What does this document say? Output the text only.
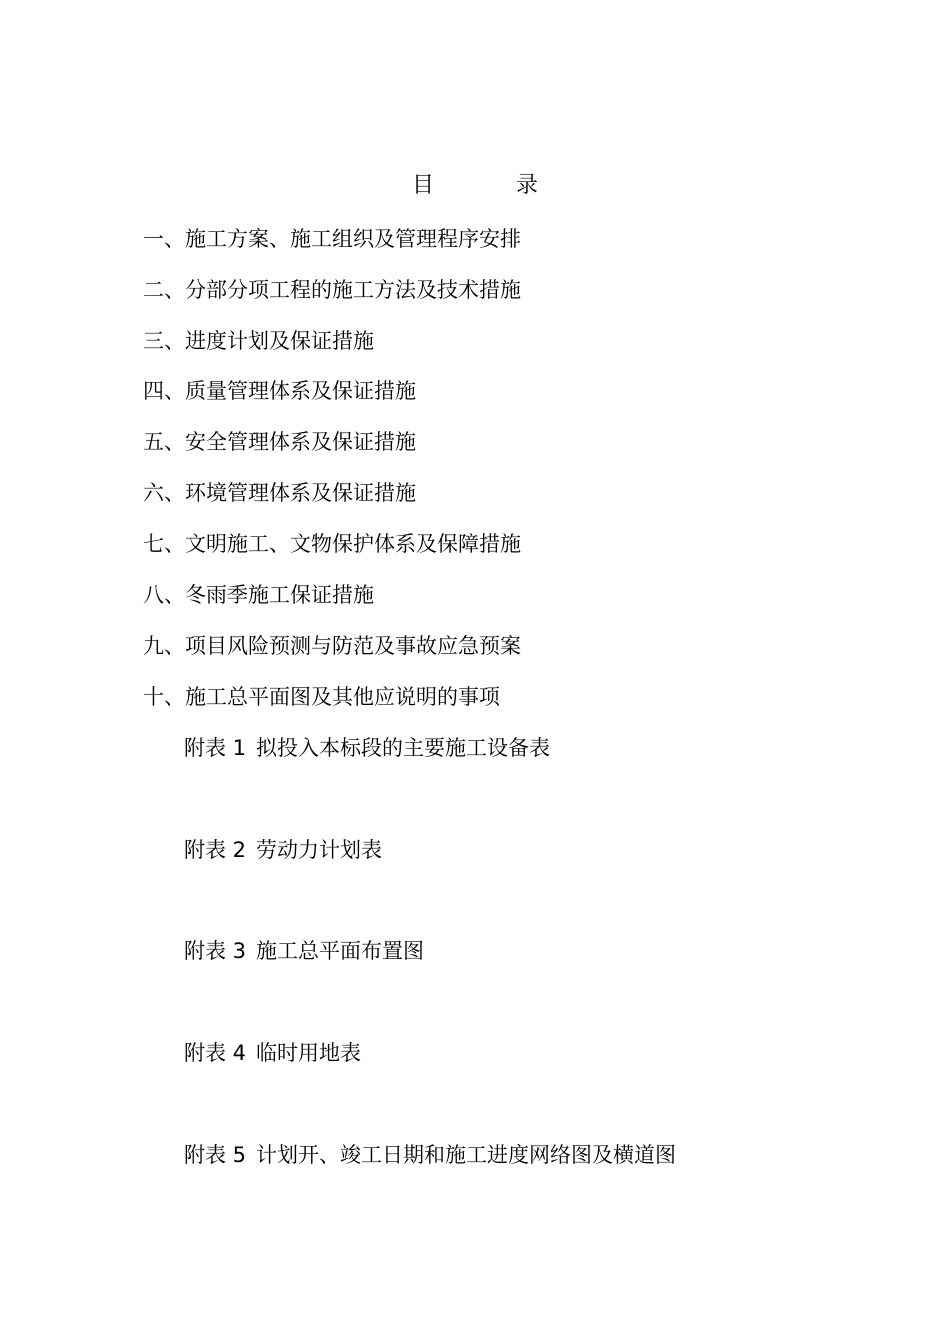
目　录
一、施工方案、施工组织及管理程序安排
二、分部分项工程的施工方法及技术措施
三、进度计划及保证措施
四、质量管理体系及保证措施
五、安全管理体系及保证措施
六、环境管理体系及保证措施
七、文明施工、文物保护体系及保障措施
八、冬雨季施工保证措施
九、项目风险预测与防范及事故应急预案
十、施工总平面图及其他应说明的事项
附表 1 拟投入本标段的主要施工设备表
附表 2 劳动力计划表
附表 3 施工总平面布置图
附表 4 临时用地表
附表 5 计划开、竣工日期和施工进度网络图及横道图
